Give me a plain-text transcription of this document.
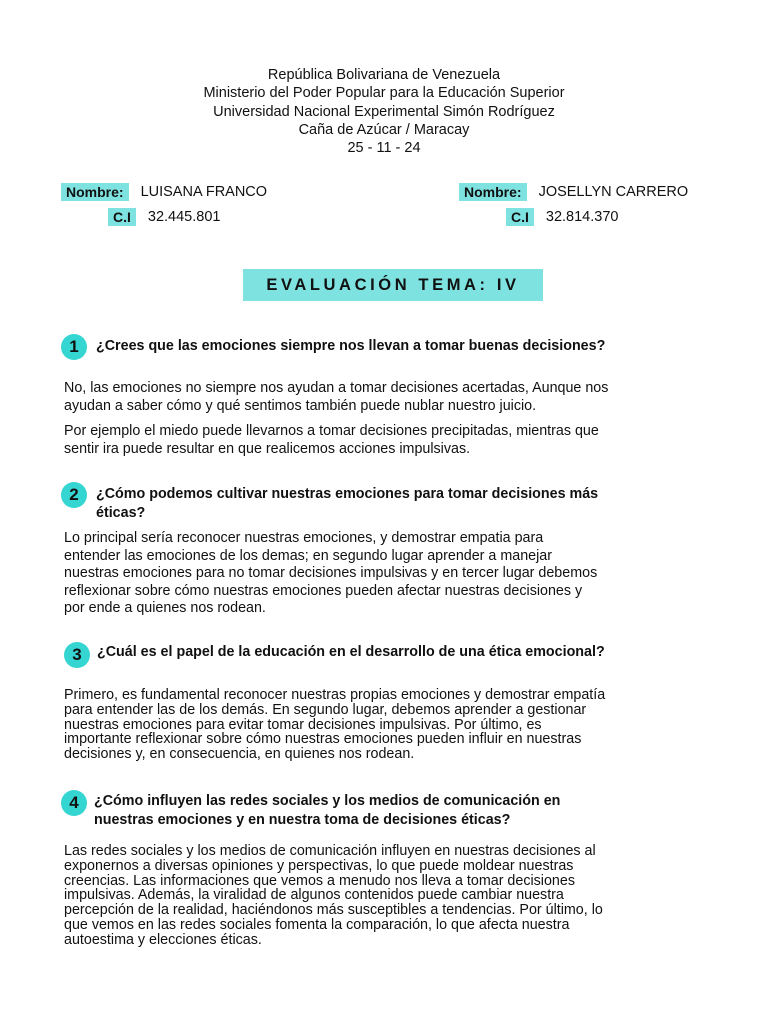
República Bolivariana de Venezuela
Ministerio del Poder Popular para la Educación Superior
Universidad Nacional Experimental Simón Rodríguez
Caña de Azúcar / Maracay
25 - 11 - 24
Nombre:	LUISANA FRANCO
C.I	32.445.801
Nombre:	JOSELLYN CARRERO
C.I	32.814.370
EVALUACIÓN TEMA: IV
1	¿Crees que las emociones siempre nos llevan a tomar buenas decisiones?
No, las emociones no siempre nos ayudan a tomar decisiones acertadas, Aunque nos
ayudan a saber cómo y qué sentimos también puede nublar nuestro juicio.
Por ejemplo el miedo puede llevarnos a tomar decisiones precipitadas, mientras que
sentir ira puede resultar en que realicemos acciones impulsivas.
2	¿Cómo podemos cultivar nuestras emociones para tomar decisiones más
éticas?
Lo principal sería reconocer nuestras emociones, y demostrar empatia para
entender las emociones de los demas; en segundo lugar aprender a manejar
nuestras emociones para no tomar decisiones impulsivas y en tercer lugar debemos
reflexionar sobre cómo nuestras emociones pueden afectar nuestras decisiones y
por ende a quienes nos rodean.
3	¿Cuál es el papel de la educación en el desarrollo de una ética emocional?
Primero, es fundamental reconocer nuestras propias emociones y demostrar empatía
para entender las de los demás. En segundo lugar, debemos aprender a gestionar
nuestras emociones para evitar tomar decisiones impulsivas. Por último, es
importante reflexionar sobre cómo nuestras emociones pueden influir en nuestras
decisiones y, en consecuencia, en quienes nos rodean.
4	¿Cómo influyen las redes sociales y los medios de comunicación en
nuestras emociones y en nuestra toma de decisiones éticas?
Las redes sociales y los medios de comunicación influyen en nuestras decisiones al
exponernos a diversas opiniones y perspectivas, lo que puede moldear nuestras
creencias. Las informaciones que vemos a menudo nos lleva a tomar decisiones
impulsivas. Además, la viralidad de algunos contenidos puede cambiar nuestra
percepción de la realidad, haciéndonos más susceptibles a tendencias. Por último, lo
que vemos en las redes sociales fomenta la comparación, lo que afecta nuestra
autoestima y elecciones éticas.
